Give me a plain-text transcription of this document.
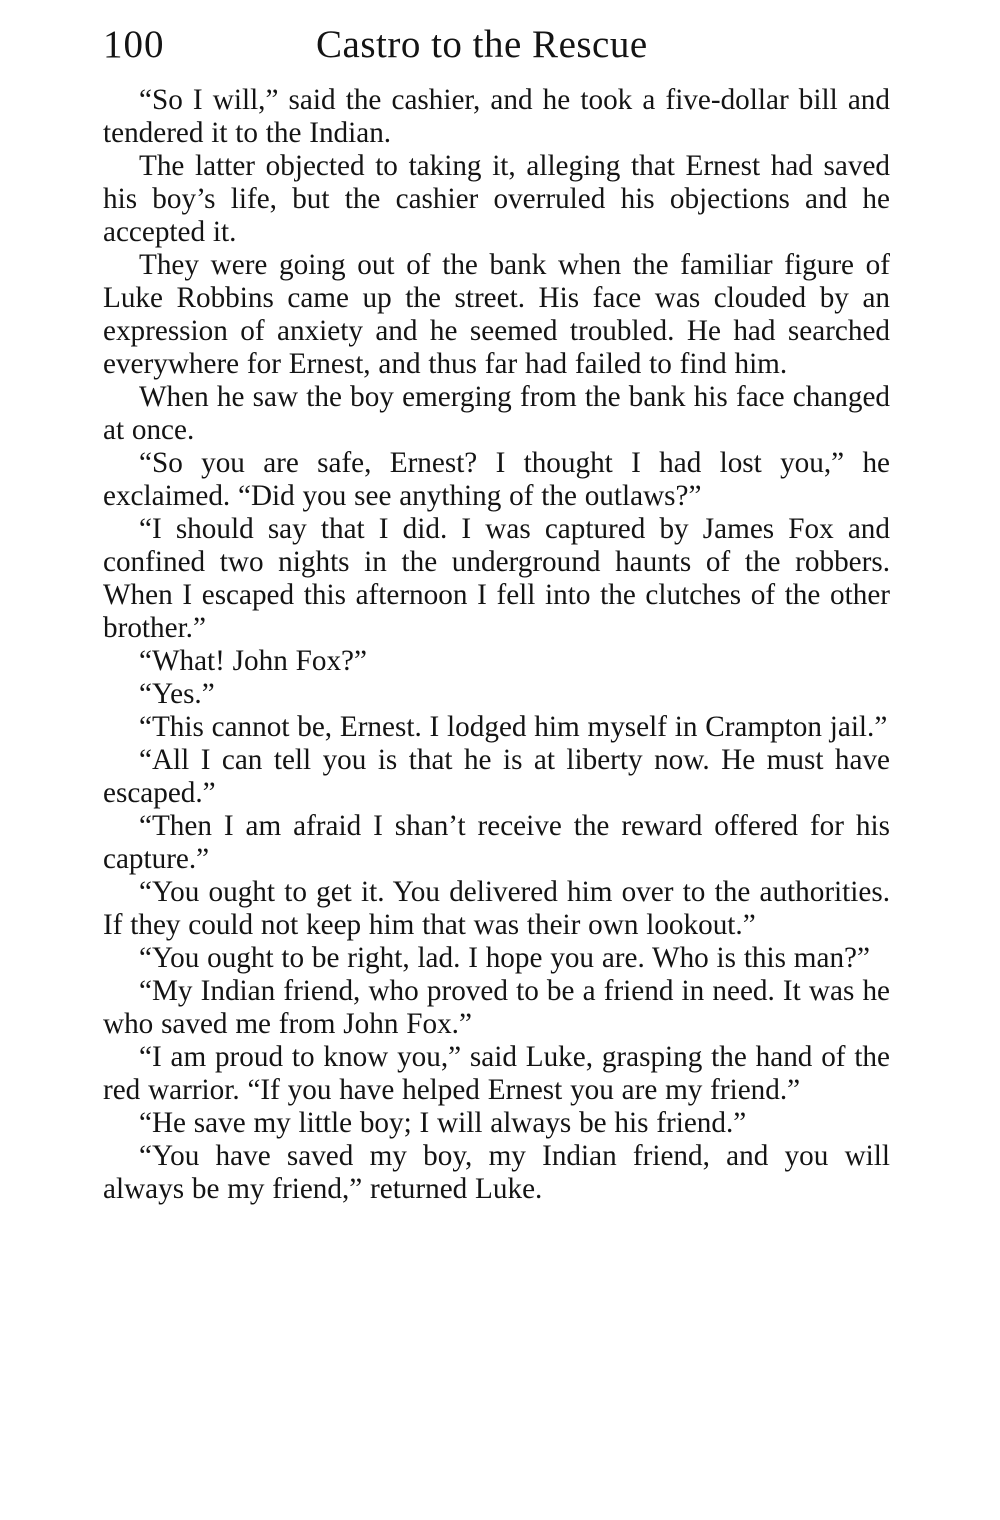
100	Castro to the Rescue

“So I will,” said the cashier, and he took a five-dollar bill and tendered it to the Indian.

The latter objected to taking it, alleging that Ernest had saved his boy’s life, but the cashier overruled his objections and he accepted it.

They were going out of the bank when the familiar figure of Luke Robbins came up the street. His face was clouded by an expression of anxiety and he seemed troubled. He had searched everywhere for Ernest, and thus far had failed to find him.

When he saw the boy emerging from the bank his face changed at once.

“So you are safe, Ernest? I thought I had lost you,” he exclaimed. “Did you see anything of the outlaws?”

“I should say that I did. I was captured by James Fox and confined two nights in the underground haunts of the robbers. When I escaped this afternoon I fell into the clutches of the other brother.”

“What! John Fox?”

“Yes.”

“This cannot be, Ernest. I lodged him myself in Crampton jail.”

“All I can tell you is that he is at liberty now. He must have escaped.”

“Then I am afraid I shan’t receive the reward offered for his capture.”

“You ought to get it. You delivered him over to the authorities. If they could not keep him that was their own lookout.”

“You ought to be right, lad. I hope you are. Who is this man?”

“My Indian friend, who proved to be a friend in need. It was he who saved me from John Fox.”

“I am proud to know you,” said Luke, grasping the hand of the red warrior. “If you have helped Ernest you are my friend.”

“He save my little boy; I will always be his friend.”

“You have saved my boy, my Indian friend, and you will always be my friend,” returned Luke.
